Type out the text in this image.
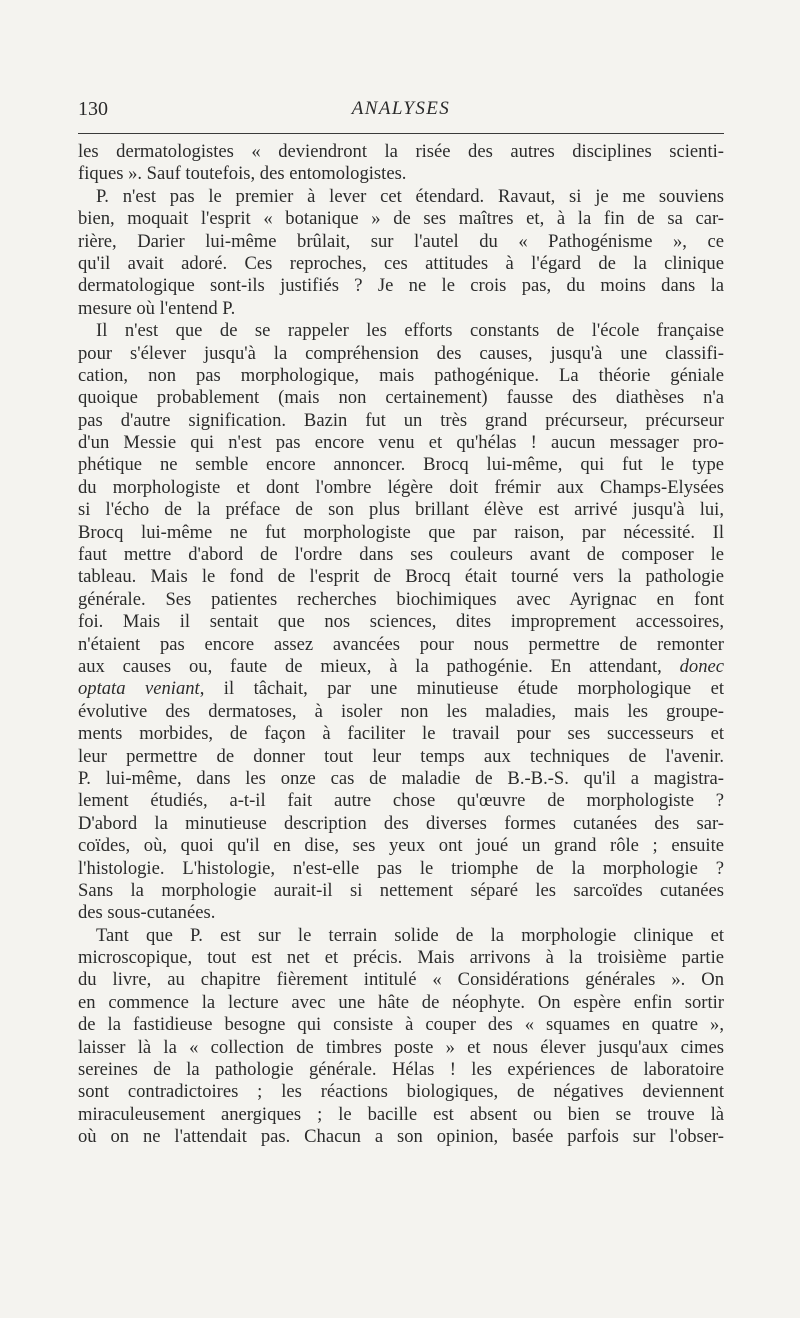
130	ANALYSES
les dermatologistes « deviendront la risée des autres disciplines scienti-
fiques ». Sauf toutefois, des entomologistes.
P. n'est pas le premier à lever cet étendard. Ravaut, si je me souviens
bien, moquait l'esprit « botanique » de ses maîtres et, à la fin de sa car-
rière, Darier lui-même brûlait, sur l'autel du « Pathogénisme », ce
qu'il avait adoré. Ces reproches, ces attitudes à l'égard de la clinique
dermatologique sont-ils justifiés ? Je ne le crois pas, du moins dans la
mesure où l'entend P.
Il n'est que de se rappeler les efforts constants de l'école française
pour s'élever jusqu'à la compréhension des causes, jusqu'à une classifi-
cation, non pas morphologique, mais pathogénique. La théorie géniale
quoique probablement (mais non certainement) fausse des diathèses n'a
pas d'autre signification. Bazin fut un très grand précurseur, précurseur
d'un Messie qui n'est pas encore venu et qu'hélas ! aucun messager pro-
phétique ne semble encore annoncer. Brocq lui-même, qui fut le type
du morphologiste et dont l'ombre légère doit frémir aux Champs-Elysées
si l'écho de la préface de son plus brillant élève est arrivé jusqu'à lui,
Brocq lui-même ne fut morphologiste que par raison, par nécessité. Il
faut mettre d'abord de l'ordre dans ses couleurs avant de composer le
tableau. Mais le fond de l'esprit de Brocq était tourné vers la pathologie
générale. Ses patientes recherches biochimiques avec Ayrignac en font
foi. Mais il sentait que nos sciences, dites improprement accessoires,
n'étaient pas encore assez avancées pour nous permettre de remonter
aux causes ou, faute de mieux, à la pathogénie. En attendant, donec
optata veniant, il tâchait, par une minutieuse étude morphologique et
évolutive des dermatoses, à isoler non les maladies, mais les groupe-
ments morbides, de façon à faciliter le travail pour ses successeurs et
leur permettre de donner tout leur temps aux techniques de l'avenir.
P. lui-même, dans les onze cas de maladie de B.-B.-S. qu'il a magistra-
lement étudiés, a-t-il fait autre chose qu'œuvre de morphologiste ?
D'abord la minutieuse description des diverses formes cutanées des sar-
coïdes, où, quoi qu'il en dise, ses yeux ont joué un grand rôle ; ensuite
l'histologie. L'histologie, n'est-elle pas le triomphe de la morphologie ?
Sans la morphologie aurait-il si nettement séparé les sarcoïdes cutanées
des sous-cutanées.
Tant que P. est sur le terrain solide de la morphologie clinique et
microscopique, tout est net et précis. Mais arrivons à la troisième partie
du livre, au chapitre fièrement intitulé « Considérations générales ». On
en commence la lecture avec une hâte de néophyte. On espère enfin sortir
de la fastidieuse besogne qui consiste à couper des « squames en quatre »,
laisser là la « collection de timbres poste » et nous élever jusqu'aux cimes
sereines de la pathologie générale. Hélas ! les expériences de laboratoire
sont contradictoires ; les réactions biologiques, de négatives deviennent
miraculeusement anergiques ; le bacille est absent ou bien se trouve là
où on ne l'attendait pas. Chacun a son opinion, basée parfois sur l'obser-
